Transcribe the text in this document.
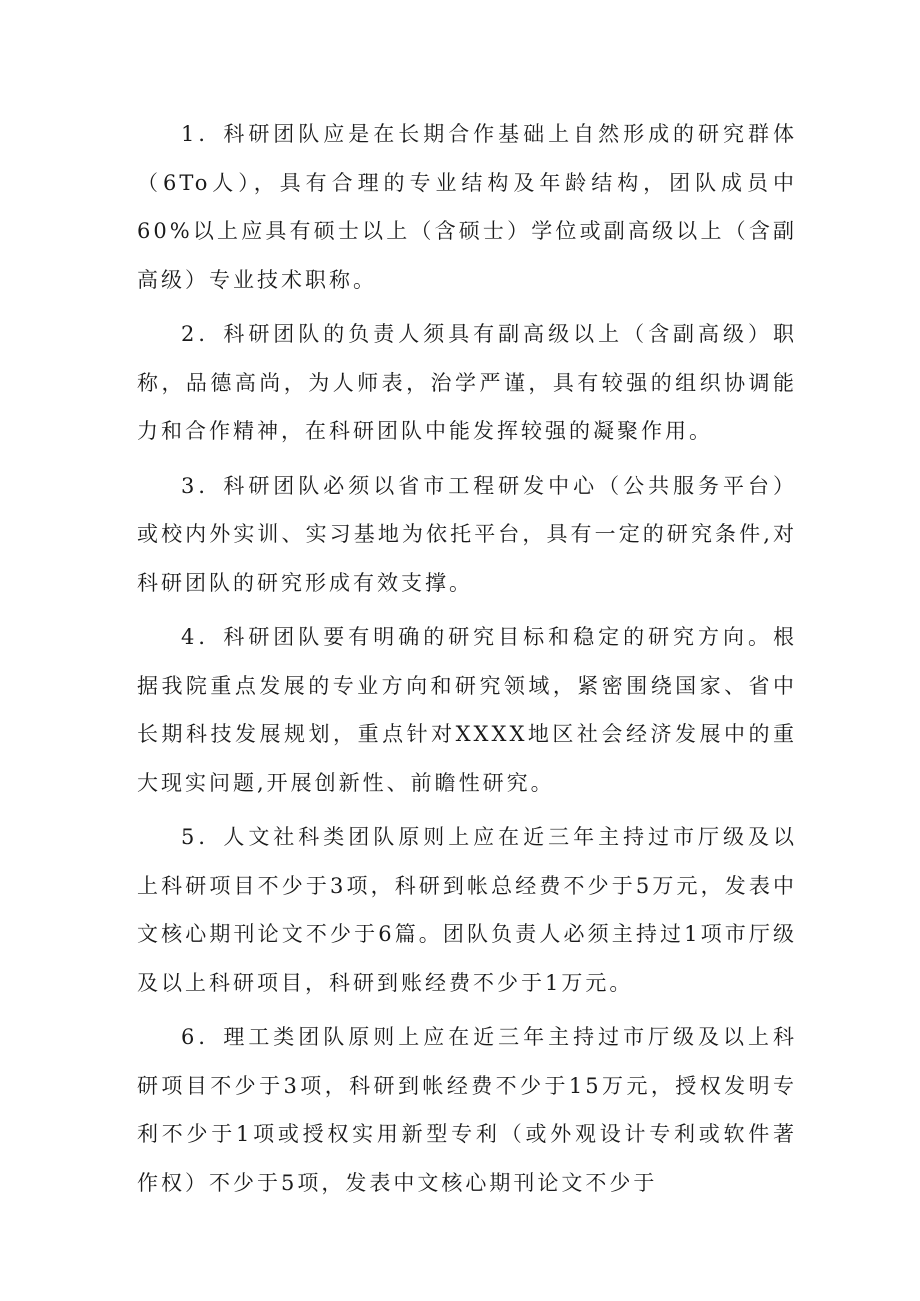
1．科研团队应是在长期合作基础上自然形成的研究群体（6To人），具有合理的专业结构及年龄结构，团队成员中60%以上应具有硕士以上（含硕士）学位或副高级以上（含副高级）专业技术职称。

2．科研团队的负责人须具有副高级以上（含副高级）职称，品德高尚，为人师表，治学严谨，具有较强的组织协调能力和合作精神，在科研团队中能发挥较强的凝聚作用。

3．科研团队必须以省市工程研发中心（公共服务平台）或校内外实训、实习基地为依托平台，具有一定的研究条件,对科研团队的研究形成有效支撑。

4．科研团队要有明确的研究目标和稳定的研究方向。根据我院重点发展的专业方向和研究领域，紧密围绕国家、省中长期科技发展规划，重点针对XXXX地区社会经济发展中的重大现实问题,开展创新性、前瞻性研究。

5．人文社科类团队原则上应在近三年主持过市厅级及以上科研项目不少于3项，科研到帐总经费不少于5万元，发表中文核心期刊论文不少于6篇。团队负责人必须主持过1项市厅级及以上科研项目，科研到账经费不少于1万元。

6．理工类团队原则上应在近三年主持过市厅级及以上科研项目不少于3项，科研到帐经费不少于15万元，授权发明专利不少于1项或授权实用新型专利（或外观设计专利或软件著作权）不少于5项，发表中文核心期刊论文不少于
